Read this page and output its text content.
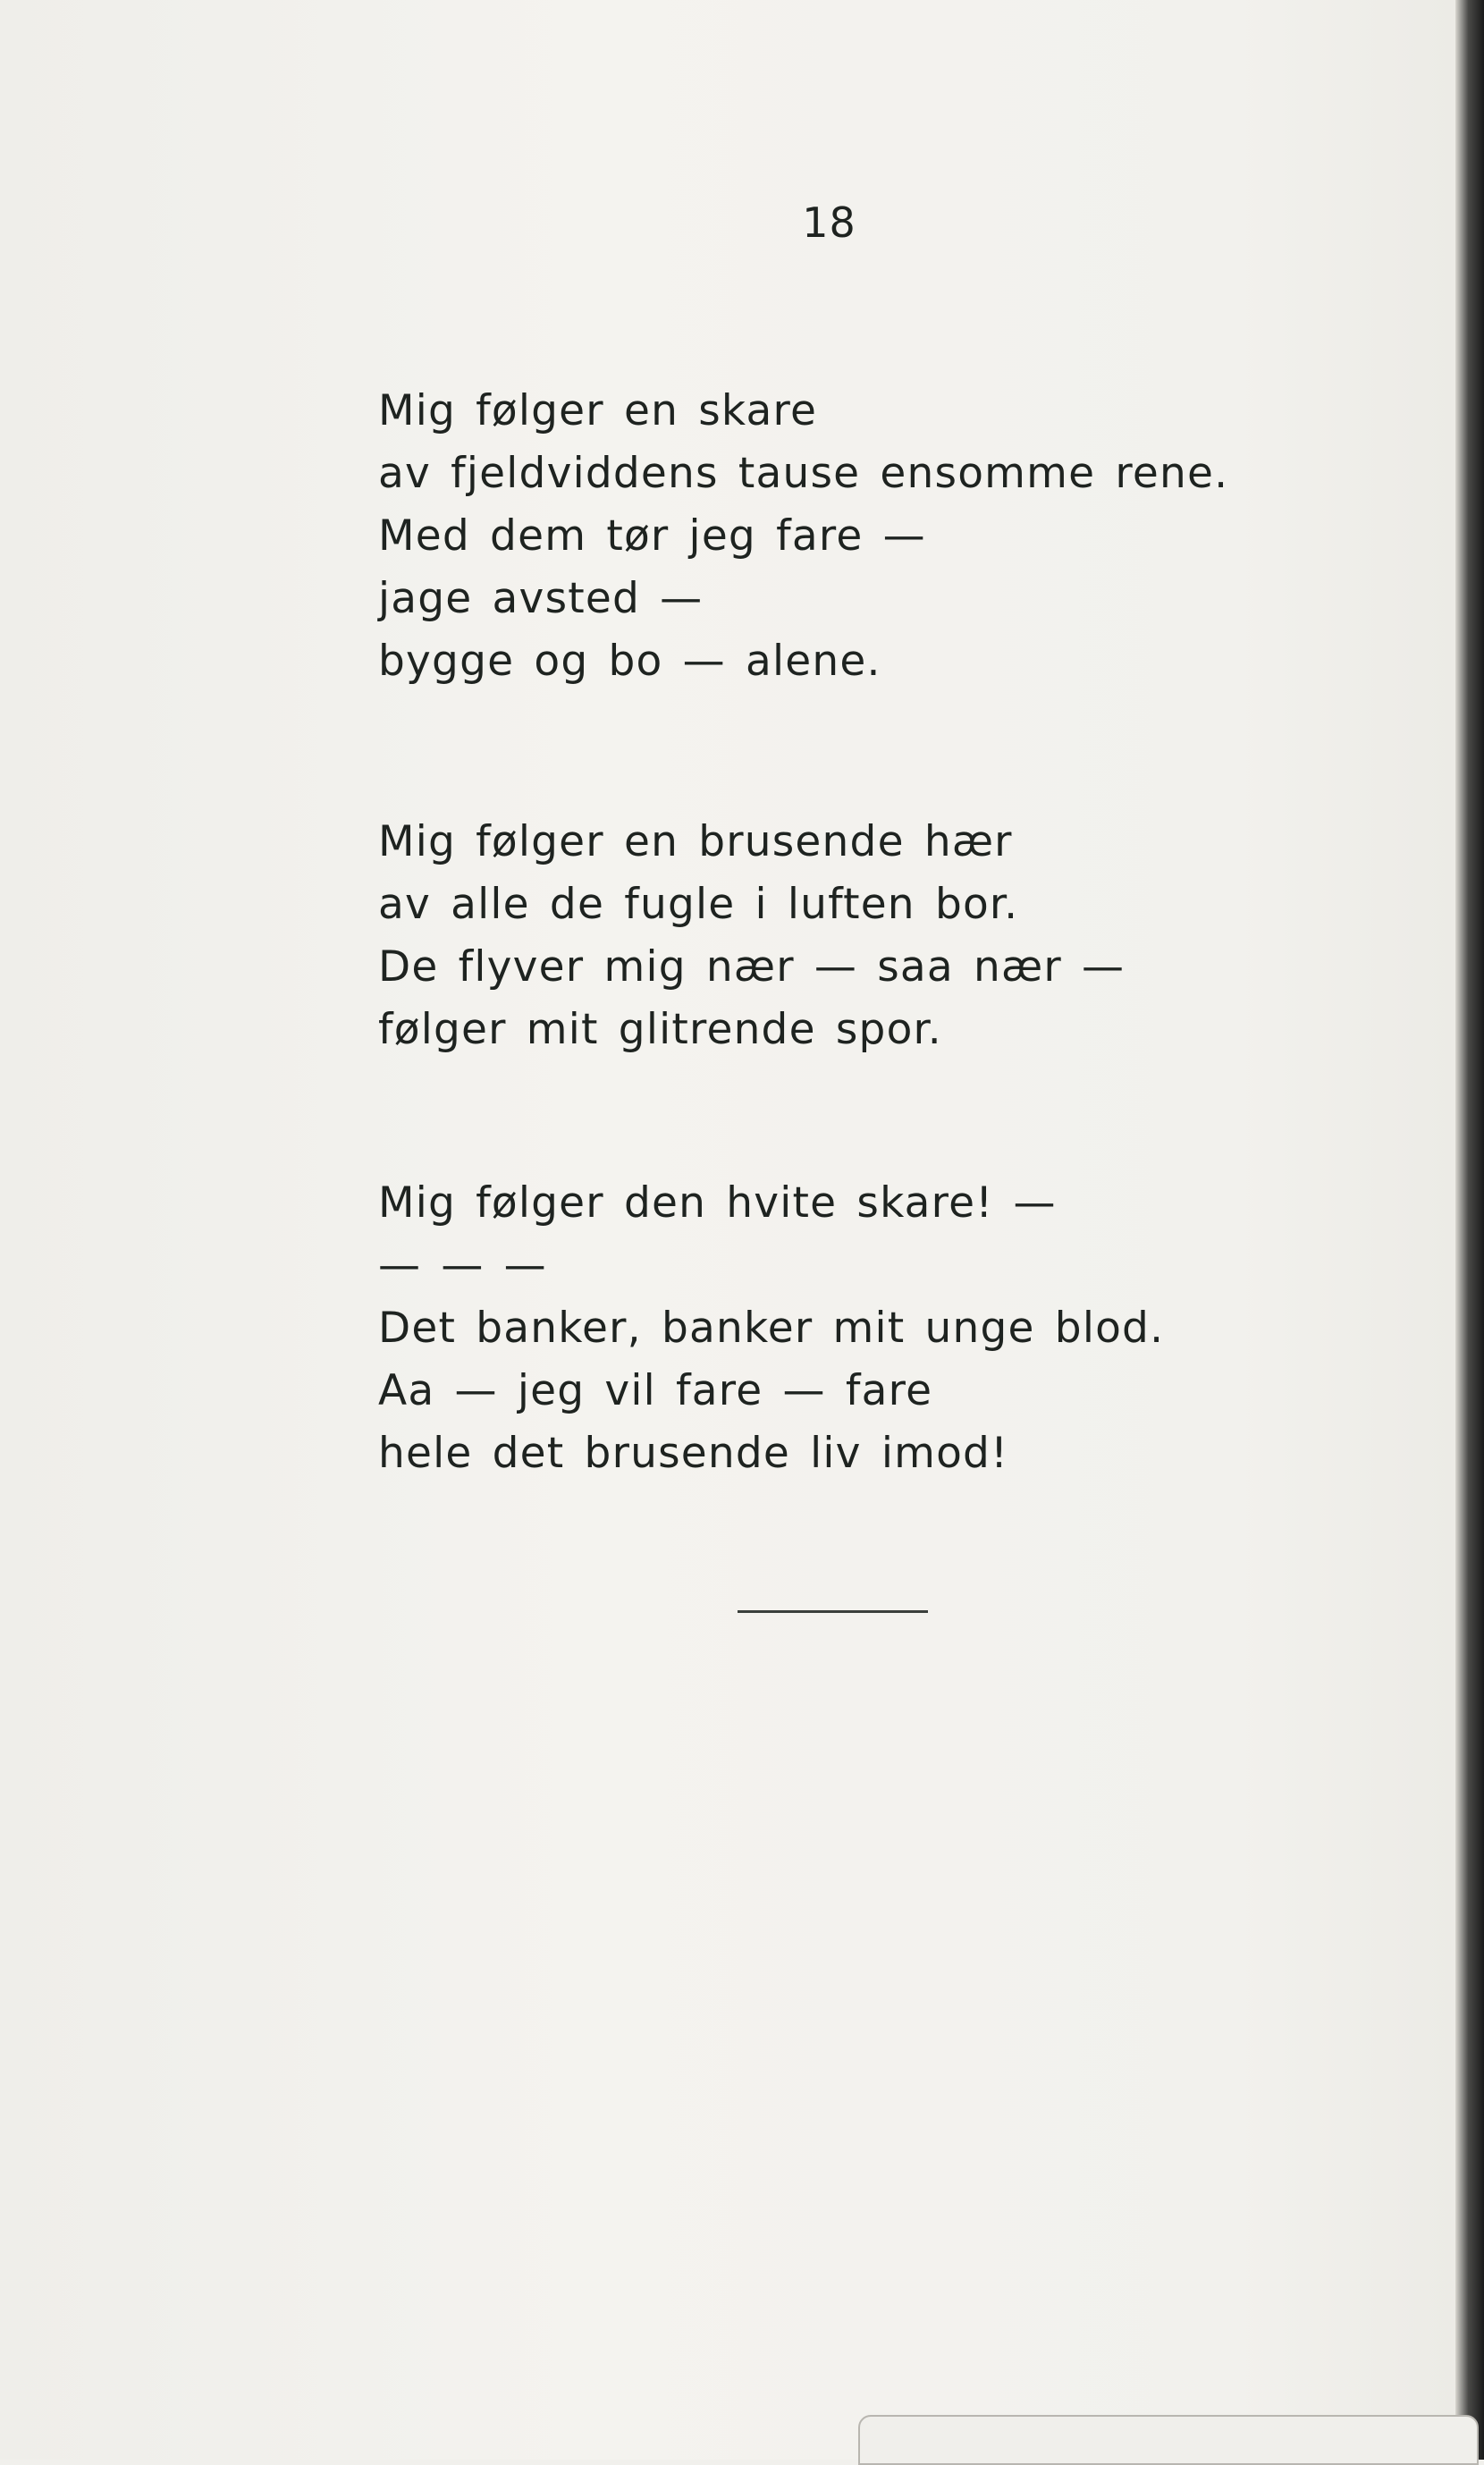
18
Mig følger en skare
av fjeldviddens tause ensomme rene.
Med dem tør jeg fare —
jage avsted —
bygge og bo — alene.
Mig følger en brusende hær
av alle de fugle i luften bor.
De flyver mig nær — saa nær —
følger mit glitrende spor.
Mig følger den hvite skare! —
— — —
Det banker, banker mit unge blod.
Aa — jeg vil fare — fare
hele det brusende liv imod!
